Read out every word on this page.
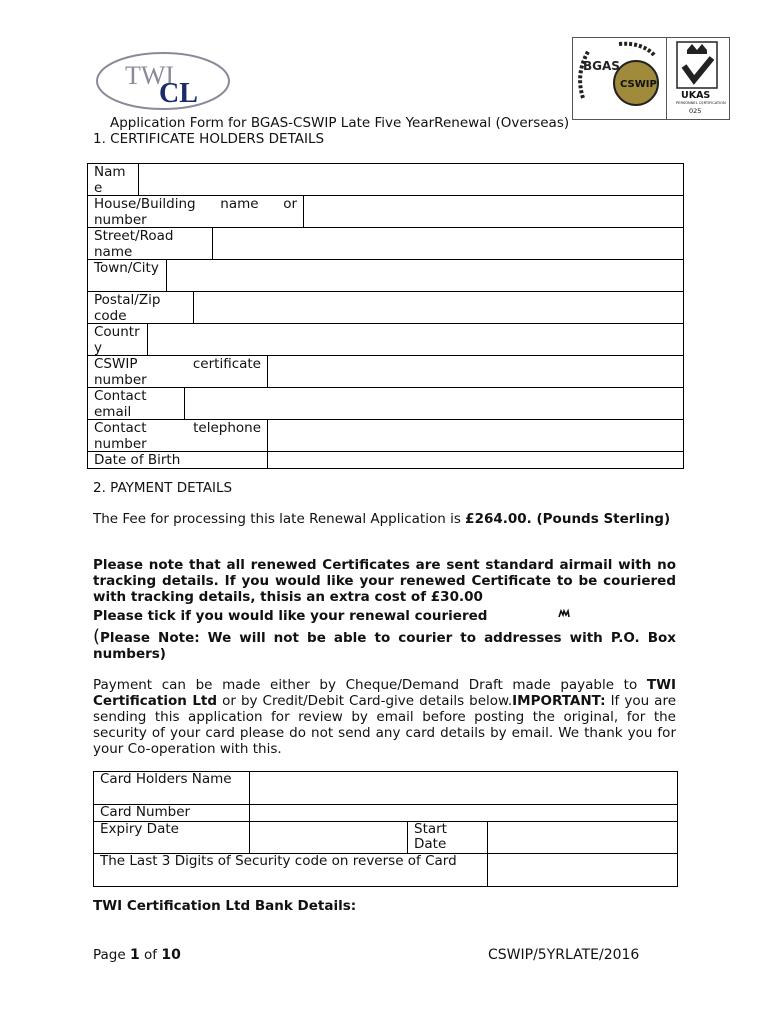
TWI
CL
BGAS
CSWIP
UKAS
PERSONNEL CERTIFICATION
025
Application Form for BGAS-CSWIP Late Five YearRenewal (Overseas)
1. CERTIFICATE HOLDERS DETAILS
Name
House/Building name or number
Street/Road name
Town/City
Postal/Zip code
Country
CSWIP certificate number
Contact email
Contact telephone number
Date of Birth
2. PAYMENT DETAILS
The Fee for processing this late Renewal Application is £264.00. (Pounds Sterling)
Please note that all renewed Certificates are sent standard airmail with no tracking details. If you would like your renewed Certificate to be couriered with tracking details, thisis an extra cost of £30.00
Please tick if you would like your renewal couriered
(Please Note: We will not be able to courier to addresses with P.O. Box numbers)
Payment can be made either by Cheque/Demand Draft made payable to TWI Certification Ltd or by Credit/Debit Card-give details below.IMPORTANT: If you are sending this application for review by email before posting the original, for the security of your card please do not send any card details by email. We thank you for your Co-operation with this.
Card Holders Name			
Card Number			
Expiry Date		Start Date	
The Last 3 Digits of Security code on reverse of Card			
TWI Certification Ltd Bank Details:
Page 1 of 10	CSWIP/5YRLATE/2016
